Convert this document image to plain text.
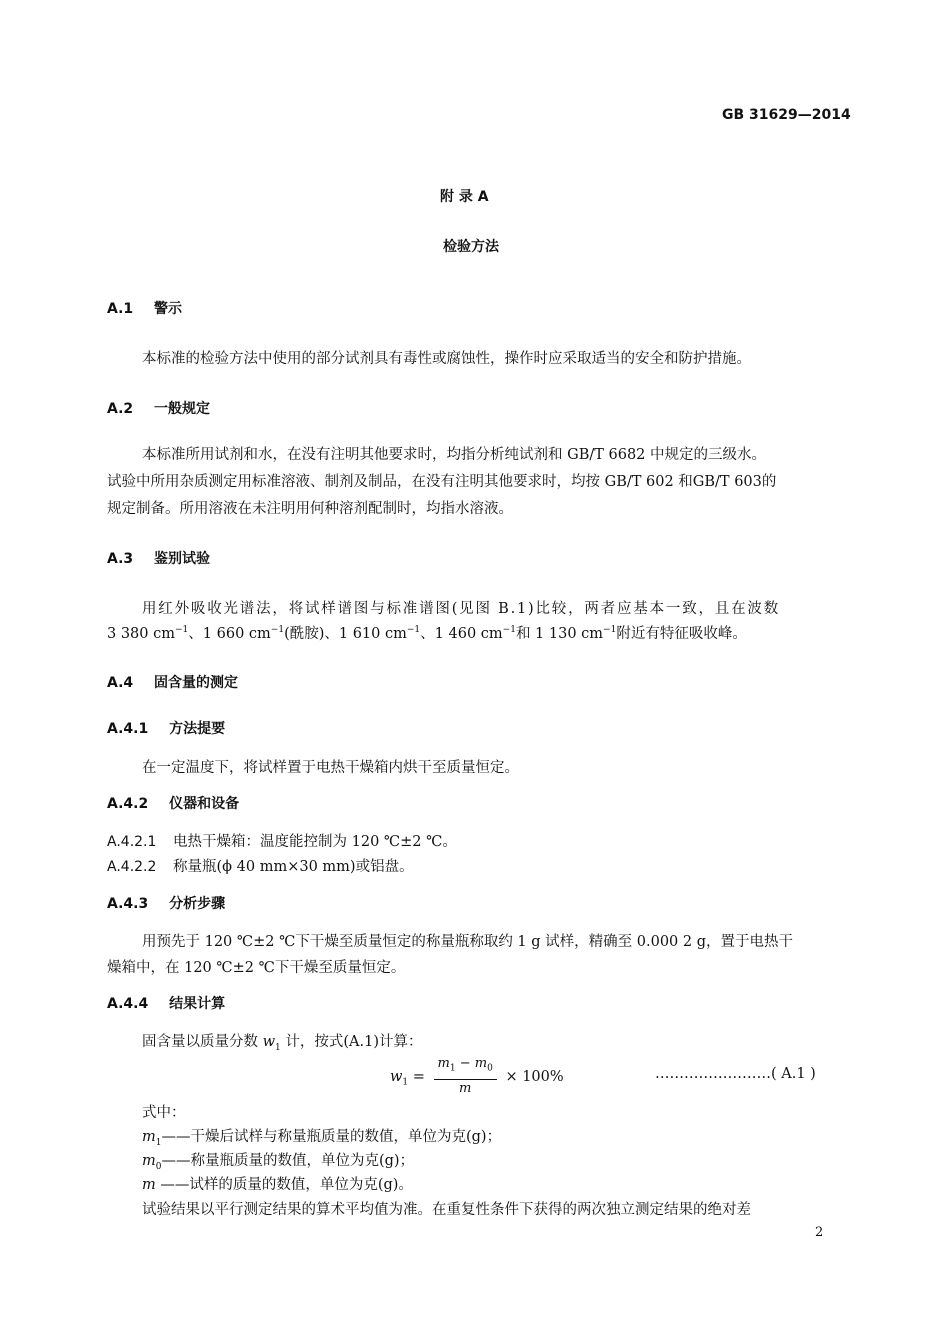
GB 31629—2014
附 录 A
检验方法
A.1 警示
本标准的检验方法中使用的部分试剂具有毒性或腐蚀性，操作时应采取适当的安全和防护措施。
A.2 一般规定
本标准所用试剂和水，在没有注明其他要求时，均指分析纯试剂和 GB/T 6682 中规定的三级水。
试验中所用杂质测定用标准溶液、制剂及制品，在没有注明其他要求时，均按 GB/T 602 和GB/T 603的
规定制备。所用溶液在未注明用何种溶剂配制时，均指水溶液。
A.3 鉴别试验
用红外吸收光谱法，将试样谱图与标准谱图(见图 B.1)比较，两者应基本一致，且在波数
3 380 $cm^{-1}$、1 660 $cm^{-1}$(酰胺)、1 610 $cm^{-1}$、1 460 $cm^{-1}$和 1 130 $cm^{-1}$附近有特征吸收峰。
A.4 固含量的测定
A.4.1 方法提要
在一定温度下，将试样置于电热干燥箱内烘干至质量恒定。
A.4.2 仪器和设备
A.4.2.1 电热干燥箱：温度能控制为 120 ℃±2 ℃。
A.4.2.2 称量瓶(ϕ 40 mm×30 mm)或铝盘。
A.4.3 分析步骤
用预先于 120 ℃±2 ℃下干燥至质量恒定的称量瓶称取约 1 g 试样，精确至 0.000 2 g，置于电热干
燥箱中，在 120 ℃±2 ℃下干燥至质量恒定。
A.4.4 结果计算
固含量以质量分数 $w_1$ 计，按式(A.1)计算：
$w_1 = \frac{m_1 - m_0}{m} \times 100\%$	……………………( A.1 )
式中：
$m_1——$干燥后试样与称量瓶质量的数值，单位为克(g)；
$m_0——$称量瓶质量的数值，单位为克(g)；
m ——试样的质量的数值，单位为克(g)。
试验结果以平行测定结果的算术平均值为准。在重复性条件下获得的两次独立测定结果的绝对差
2
